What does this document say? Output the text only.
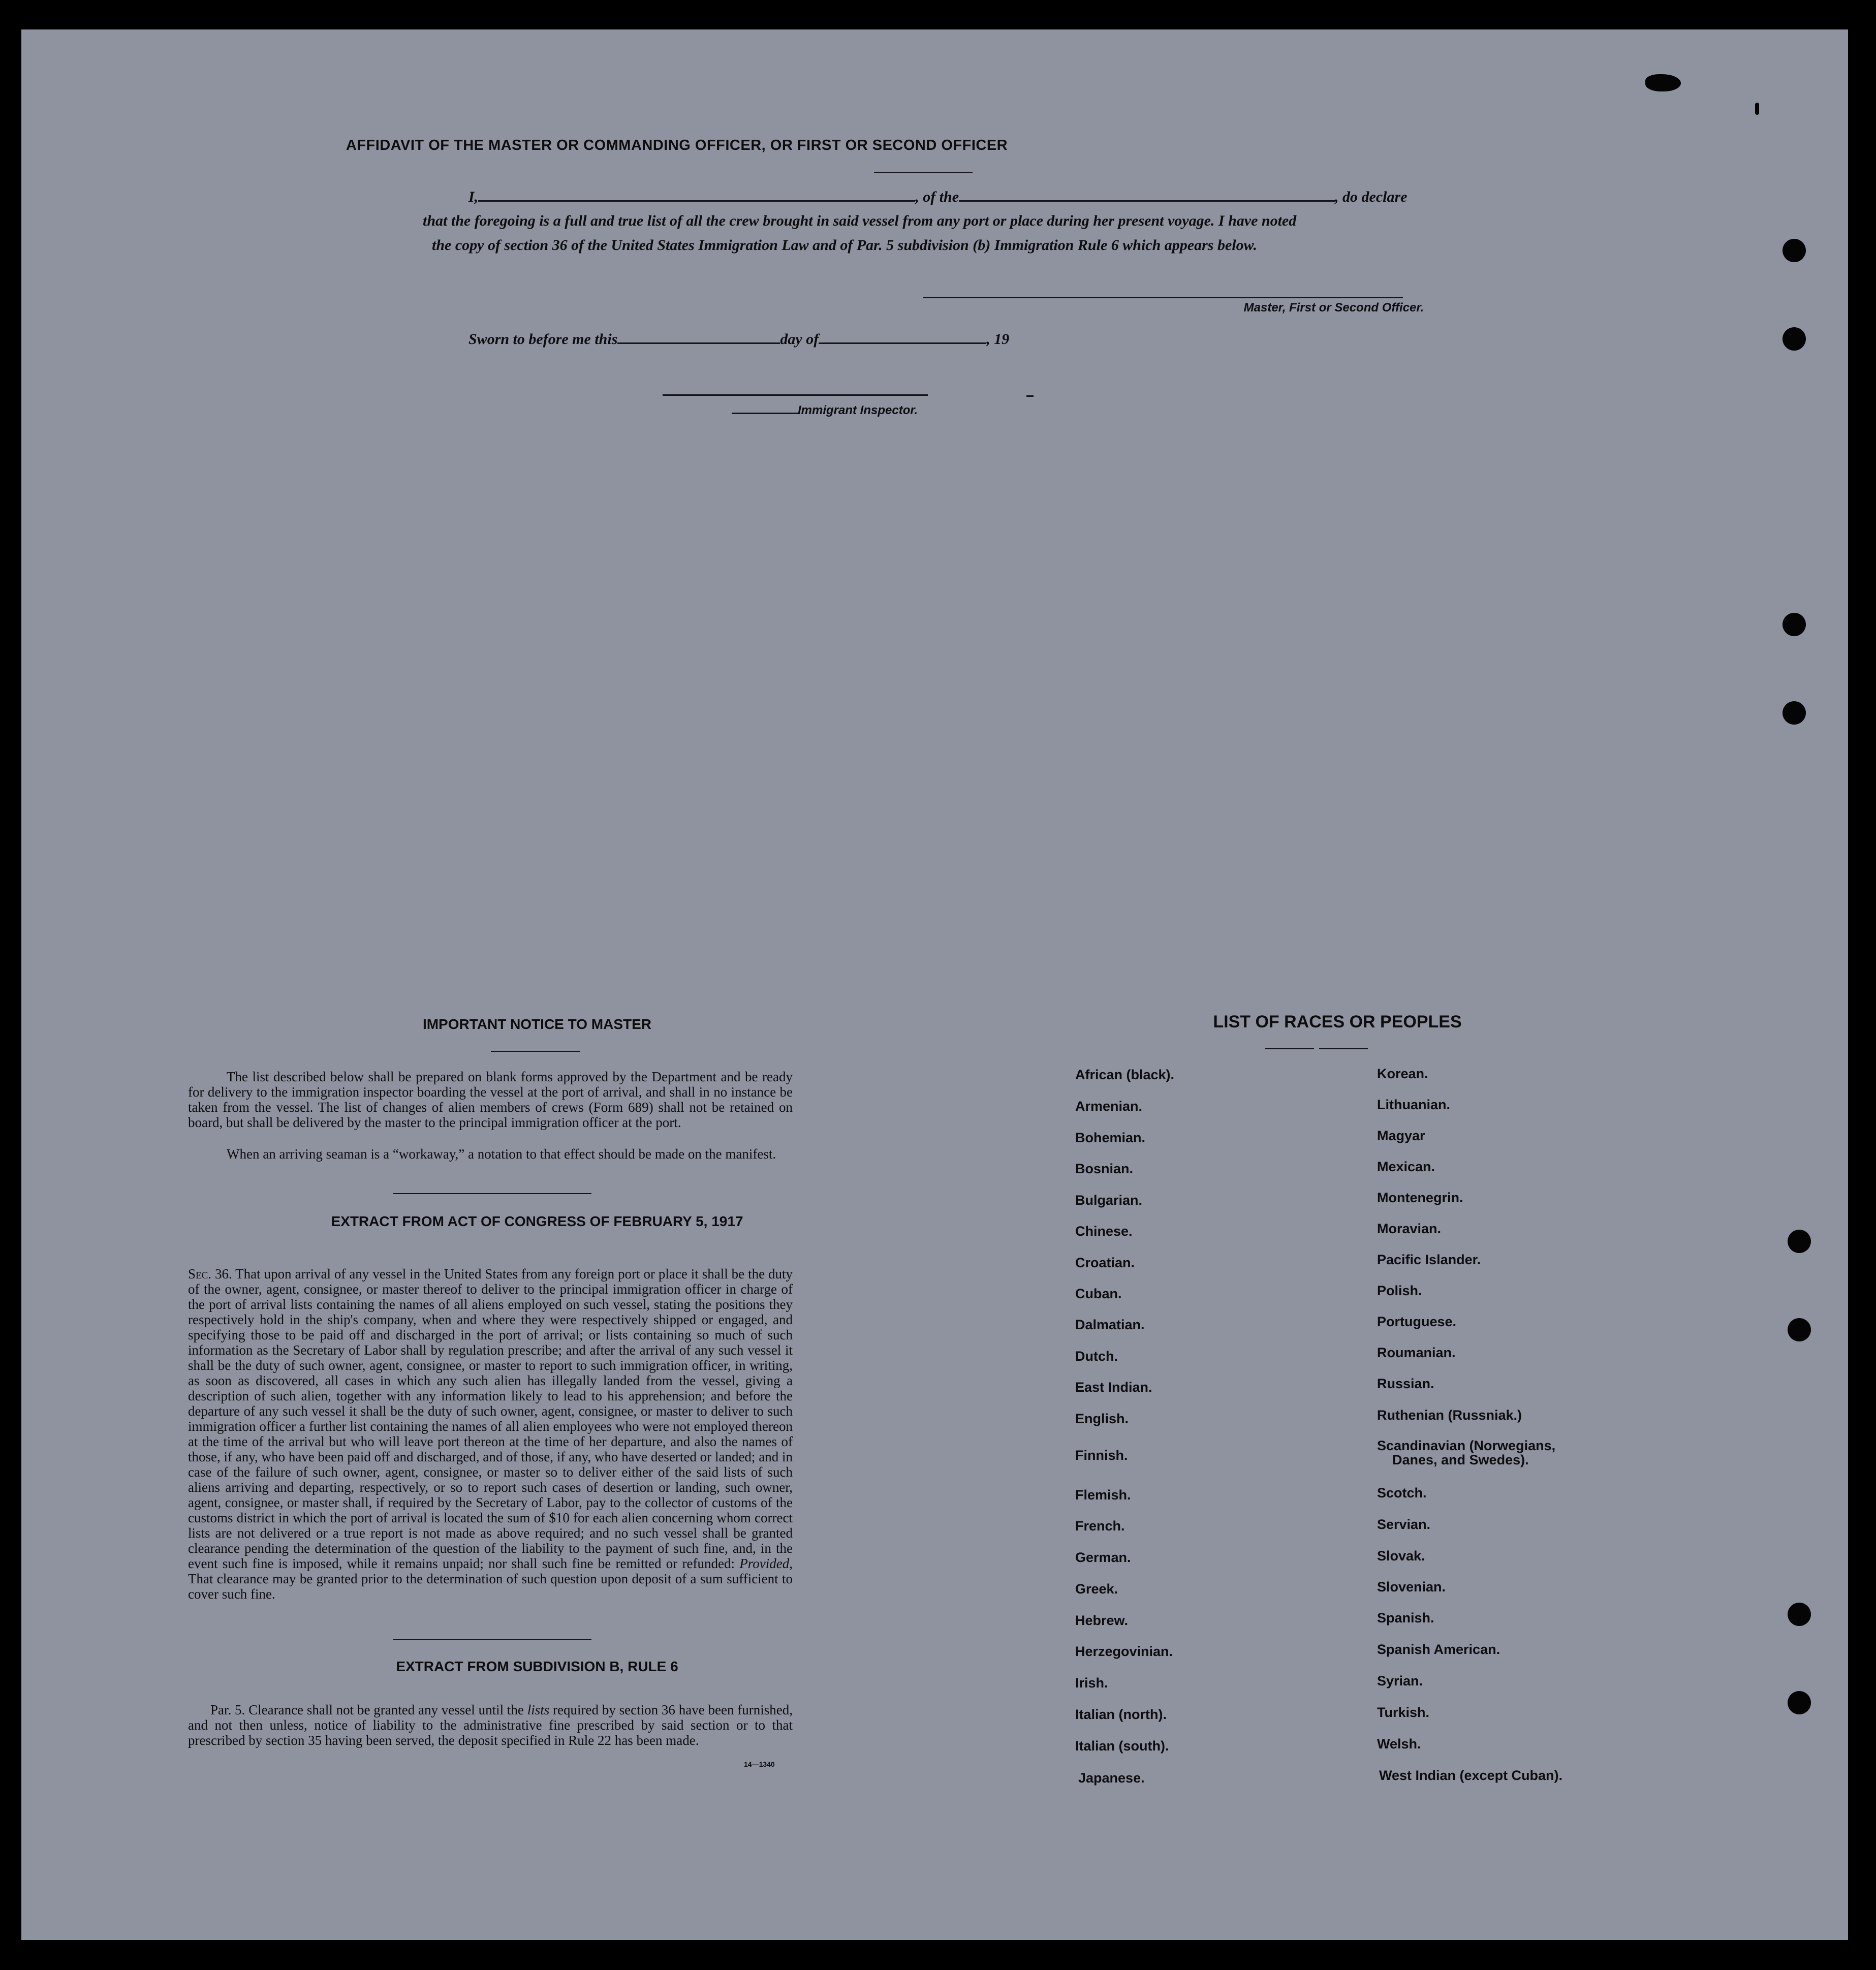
AFFIDAVIT OF THE MASTER OR COMMANDING OFFICER, OR FIRST OR SECOND OFFICER
I,	, of the	, do declare
that the foregoing is a full and true list of all the crew brought in said vessel from any port or place during her present voyage. I have noted
the copy of section 36 of the United States Immigration Law and of Par. 5 subdivision (b) Immigration Rule 6 which appears below.
Master, First or Second Officer.
Sworn to before me this	day of	, 19
Immigrant Inspector.
IMPORTANT NOTICE TO MASTER
The list described below shall be prepared on blank forms approved by the Department and be ready for delivery to the immigration inspector boarding the vessel at the port of arrival, and shall in no instance be taken from the vessel. The list of changes of alien members of crews (Form 689) shall not be retained on board, but shall be delivered by the master to the principal immigration officer at the port.
When an arriving seaman is a “workaway,” a notation to that effect should be made on the manifest.
EXTRACT FROM ACT OF CONGRESS OF FEBRUARY 5, 1917
Sec. 36. That upon arrival of any vessel in the United States from any foreign port or place it shall be the duty of the owner, agent, consignee, or master thereof to deliver to the principal immigration officer in charge of the port of arrival lists containing the names of all aliens employed on such vessel, stating the positions they respectively hold in the ship's company, when and where they were respectively shipped or engaged, and specifying those to be paid off and discharged in the port of arrival; or lists containing so much of such information as the Secretary of Labor shall by regulation prescribe; and after the arrival of any such vessel it shall be the duty of such owner, agent, consignee, or master to report to such immigration officer, in writing, as soon as discovered, all cases in which any such alien has illegally landed from the vessel, giving a description of such alien, together with any information likely to lead to his apprehension; and before the departure of any such vessel it shall be the duty of such owner, agent, consignee, or master to deliver to such immigration officer a further list containing the names of all alien employees who were not employed thereon at the time of the arrival but who will leave port thereon at the time of her departure, and also the names of those, if any, who have been paid off and discharged, and of those, if any, who have deserted or landed; and in case of the failure of such owner, agent, consignee, or master so to deliver either of the said lists of such aliens arriving and departing, respectively, or so to report such cases of desertion or landing, such owner, agent, consignee, or master shall, if required by the Secretary of Labor, pay to the collector of customs of the customs district in which the port of arrival is located the sum of $10 for each alien concerning whom correct lists are not delivered or a true report is not made as above required; and no such vessel shall be granted clearance pending the determination of the question of the liability to the payment of such fine, and, in the event such fine is imposed, while it remains unpaid; nor shall such fine be remitted or refunded: Provided, That clearance may be granted prior to the determination of such question upon deposit of a sum sufficient to cover such fine.
EXTRACT FROM SUBDIVISION B, RULE 6
Par. 5. Clearance shall not be granted any vessel until the lists required by section 36 have been furnished, and not then unless, notice of liability to the administrative fine prescribed by said section or to that prescribed by section 35 having been served, the deposit specified in Rule 22 has been made.
14—1340
LIST OF RACES OR PEOPLES
African (black).
Armenian.
Bohemian.
Bosnian.
Bulgarian.
Chinese.
Croatian.
Cuban.
Dalmatian.
Dutch.
East Indian.
English.
Finnish.
Flemish.
French.
German.
Greek.
Hebrew.
Herzegovinian.
Irish.
Italian (north).
Italian (south).
Japanese.
Korean.
Lithuanian.
Magyar
Mexican.
Montenegrin.
Moravian.
Pacific Islander.
Polish.
Portuguese.
Roumanian.
Russian.
Ruthenian (Russniak.)
Scandinavian (Norwegians,
Danes, and Swedes).
Scotch.
Servian.
Slovak.
Slovenian.
Spanish.
Spanish American.
Syrian.
Turkish.
Welsh.
West Indian (except Cuban).
